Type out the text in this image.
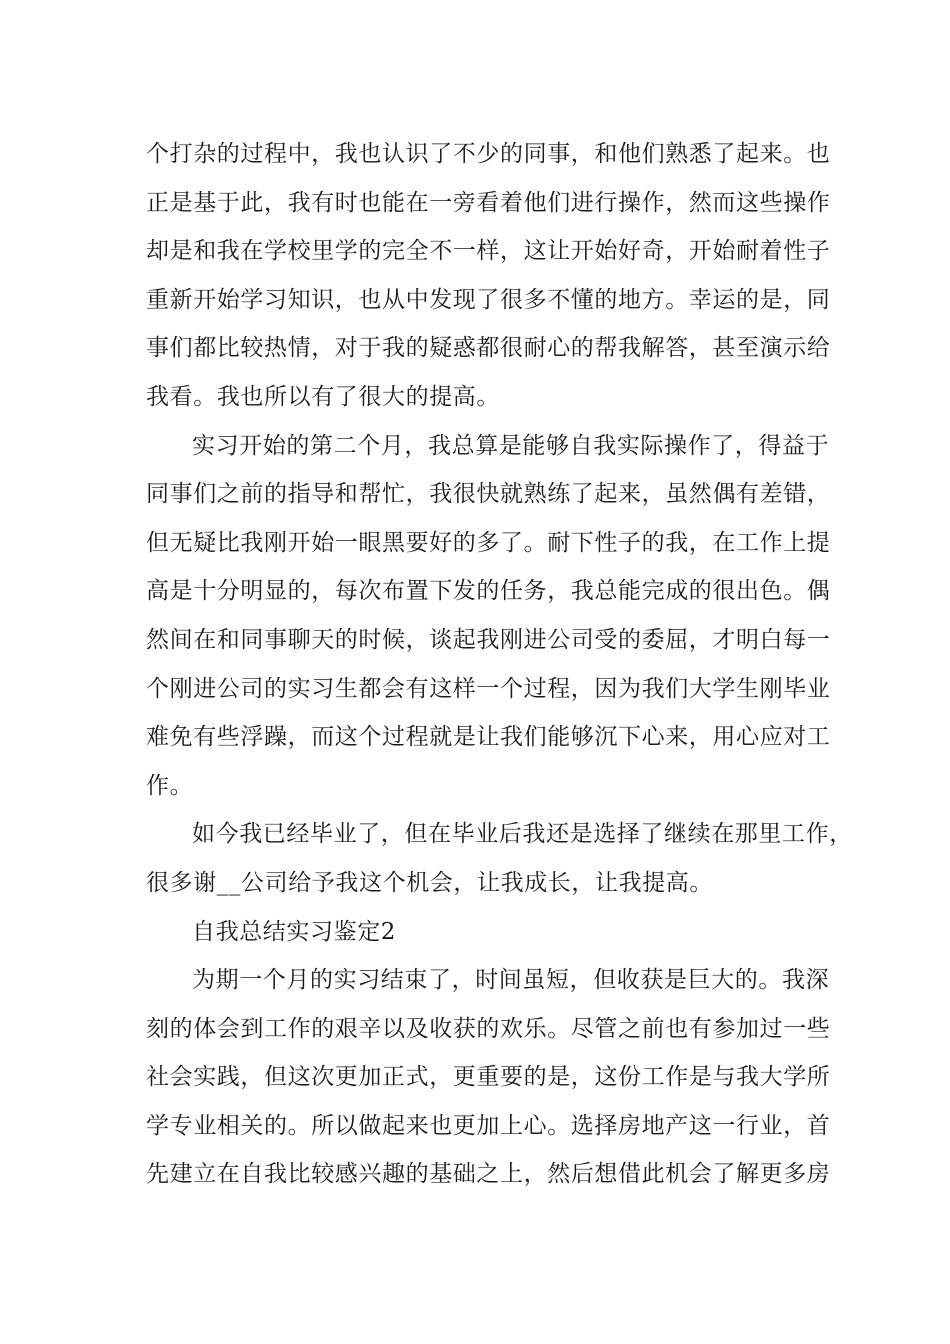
个打杂的过程中，我也认识了不少的同事，和他们熟悉了起来。也
正是基于此，我有时也能在一旁看着他们进行操作，然而这些操作
却是和我在学校里学的完全不一样，这让开始好奇，开始耐着性子
重新开始学习知识，也从中发现了很多不懂的地方。幸运的是，同
事们都比较热情，对于我的疑惑都很耐心的帮我解答，甚至演示给
我看。我也所以有了很大的提高。
实习开始的第二个月，我总算是能够自我实际操作了，得益于
同事们之前的指导和帮忙，我很快就熟练了起来，虽然偶有差错，
但无疑比我刚开始一眼黑要好的多了。耐下性子的我，在工作上提
高是十分明显的，每次布置下发的任务，我总能完成的很出色。偶
然间在和同事聊天的时候，谈起我刚进公司受的委屈，才明白每一
个刚进公司的实习生都会有这样一个过程，因为我们大学生刚毕业
难免有些浮躁，而这个过程就是让我们能够沉下心来，用心应对工
作。
如今我已经毕业了，但在毕业后我还是选择了继续在那里工作，
很多谢__公司给予我这个机会，让我成长，让我提高。
自我总结实习鉴定2
为期一个月的实习结束了，时间虽短，但收获是巨大的。我深
刻的体会到工作的艰辛以及收获的欢乐。尽管之前也有参加过一些
社会实践，但这次更加正式，更重要的是，这份工作是与我大学所
学专业相关的。所以做起来也更加上心。选择房地产这一行业，首
先建立在自我比较感兴趣的基础之上，然后想借此机会了解更多房
